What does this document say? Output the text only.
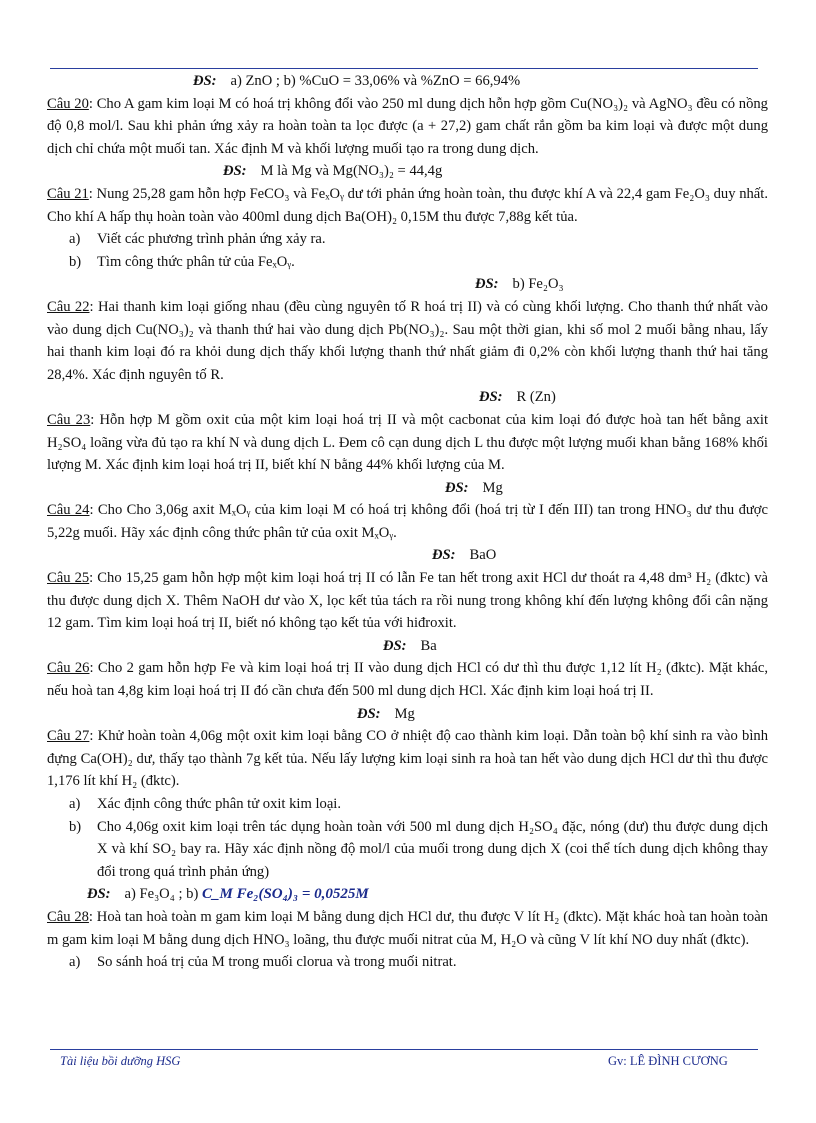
ĐS: a) ZnO ; b) %CuO = 33,06% và %ZnO = 66,94%

Câu 20: Cho A gam kim loại M có hoá trị không đổi vào 250 ml dung dịch hỗn hợp gồm Cu(NO₃)₂ và AgNO₃ đều có nồng độ 0,8 mol/l. Sau khi phản ứng xảy ra hoàn toàn ta lọc được (a + 27,2) gam chất rắn gồm ba kim loại và được một dung dịch chỉ chứa một muối tan. Xác định M và khối lượng muối tạo ra trong dung dịch.

ĐS: M là Mg và Mg(NO₃)₂ = 44,4g

Câu 21: Nung 25,28 gam hỗn hợp FeCO₃ và FeₓOᵧ dư tới phản ứng hoàn toàn, thu được khí A và 22,4 gam Fe₂O₃ duy nhất. Cho khí A hấp thụ hoàn toàn vào 400ml dung dịch Ba(OH)₂ 0,15M thu được 7,88g kết tủa.

a)	Viết các phương trình phản ứng xảy ra.
b)	Tìm công thức phân tử của FeₓOᵧ.

ĐS: b) Fe₂O₃

Câu 22: Hai thanh kim loại giống nhau (đều cùng nguyên tố R hoá trị II) và có cùng khối lượng. Cho thanh thứ nhất vào vào dung dịch Cu(NO₃)₂ và thanh thứ hai vào dung dịch Pb(NO₃)₂. Sau một thời gian, khi số mol 2 muối bằng nhau, lấy hai thanh kim loại đó ra khỏi dung dịch thấy khối lượng thanh thứ nhất giảm đi 0,2% còn khối lượng thanh thứ hai tăng 28,4%. Xác định nguyên tố R.

ĐS: R (Zn)

Câu 23: Hỗn hợp M gồm oxit của một kim loại hoá trị II và một cacbonat của kim loại đó được hoà tan hết bằng axit H₂SO₄ loãng vừa đủ tạo ra khí N và dung dịch L. Đem cô cạn dung dịch L thu được một lượng muối khan bằng 168% khối lượng M. Xác định kim loại hoá trị II, biết khí N bằng 44% khối lượng của M.

ĐS: Mg

Câu 24: Cho Cho 3,06g axit MₓOᵧ của kim loại M có hoá trị không đổi (hoá trị từ I đến III) tan trong HNO₃ dư thu được 5,22g muối. Hãy xác định công thức phân tử của oxit MₓOᵧ.

ĐS: BaO

Câu 25: Cho 15,25 gam hỗn hợp một kim loại hoá trị II có lẫn Fe tan hết trong axit HCl dư thoát ra 4,48 dm³ H₂ (đktc) và thu được dung dịch X. Thêm NaOH dư vào X, lọc kết tủa tách ra rồi nung trong không khí đến lượng không đổi cân nặng 12 gam. Tìm kim loại hoá trị II, biết nó không tạo kết tủa với hiđroxit.

ĐS: Ba

Câu 26: Cho 2 gam hỗn hợp Fe và kim loại hoá trị II vào dung dịch HCl có dư thì thu được 1,12 lít H₂ (đktc). Mặt khác, nếu hoà tan 4,8g kim loại hoá trị II đó cần chưa đến 500 ml dung dịch HCl. Xác định kim loại hoá trị II.

ĐS: Mg

Câu 27: Khử hoàn toàn 4,06g một oxit kim loại bằng CO ở nhiệt độ cao thành kim loại. Dẫn toàn bộ khí sinh ra vào bình đựng Ca(OH)₂ dư, thấy tạo thành 7g kết tủa. Nếu lấy lượng kim loại sinh ra hoà tan hết vào dung dịch HCl dư thì thu được 1,176 lít khí H₂ (đktc).

a)	Xác định công thức phân tử oxit kim loại.
b)	Cho 4,06g oxit kim loại trên tác dụng hoàn toàn với 500 ml dung dịch H₂SO₄ đặc, nóng (dư) thu được dung dịch X và khí SO₂ bay ra. Hãy xác định nồng độ mol/l của muối trong dung dịch X (coi thể tích dung dịch không thay đổi trong quá trình phản ứng)

ĐS: a) Fe₃O₄ ; b) C_M Fe₂(SO₄)₃ = 0,0525M

Câu 28: Hoà tan hoà toàn m gam kim loại M bằng dung dịch HCl dư, thu được V lít H₂ (đktc). Mặt khác hoà tan hoàn toàn m gam kim loại M bằng dung dịch HNO₃ loãng, thu được muối nitrat của M, H₂O và cũng V lít khí NO duy nhất (đktc).

a)	So sánh hoá trị của M trong muối clorua và trong muối nitrat.
Tài liệu bồi dưỡng HSG	Gv: LÊ ĐÌNH CƯƠNG
